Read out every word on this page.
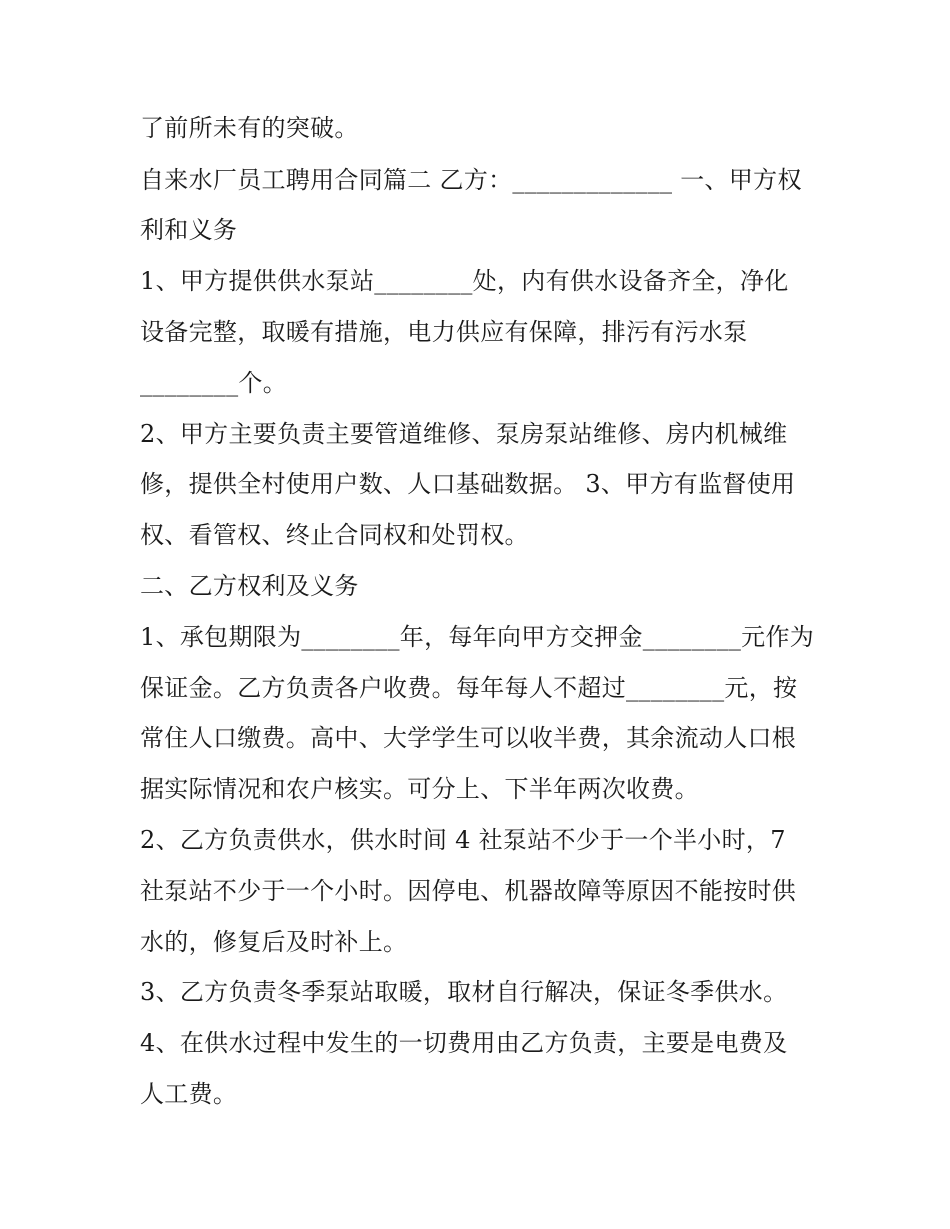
了前所未有的突破。
自来水厂员工聘用合同篇二 乙方：_____________ 一、甲方权
利和义务
1、甲方提供供水泵站________处，内有供水设备齐全，净化
设备完整，取暖有措施，电力供应有保障，排污有污水泵
________个。
2、甲方主要负责主要管道维修、泵房泵站维修、房内机械维
修，提供全村使用户数、人口基础数据。 3、甲方有监督使用
权、看管权、终止合同权和处罚权。
二、乙方权利及义务
1、承包期限为________年，每年向甲方交押金________元作为
保证金。乙方负责各户收费。每年每人不超过________元，按
常住人口缴费。高中、大学学生可以收半费，其余流动人口根
据实际情况和农户核实。可分上、下半年两次收费。
2、乙方负责供水，供水时间 4 社泵站不少于一个半小时，7
社泵站不少于一个小时。因停电、机器故障等原因不能按时供
水的，修复后及时补上。
3、乙方负责冬季泵站取暖，取材自行解决，保证冬季供水。
4、在供水过程中发生的一切费用由乙方负责，主要是电费及
人工费。
